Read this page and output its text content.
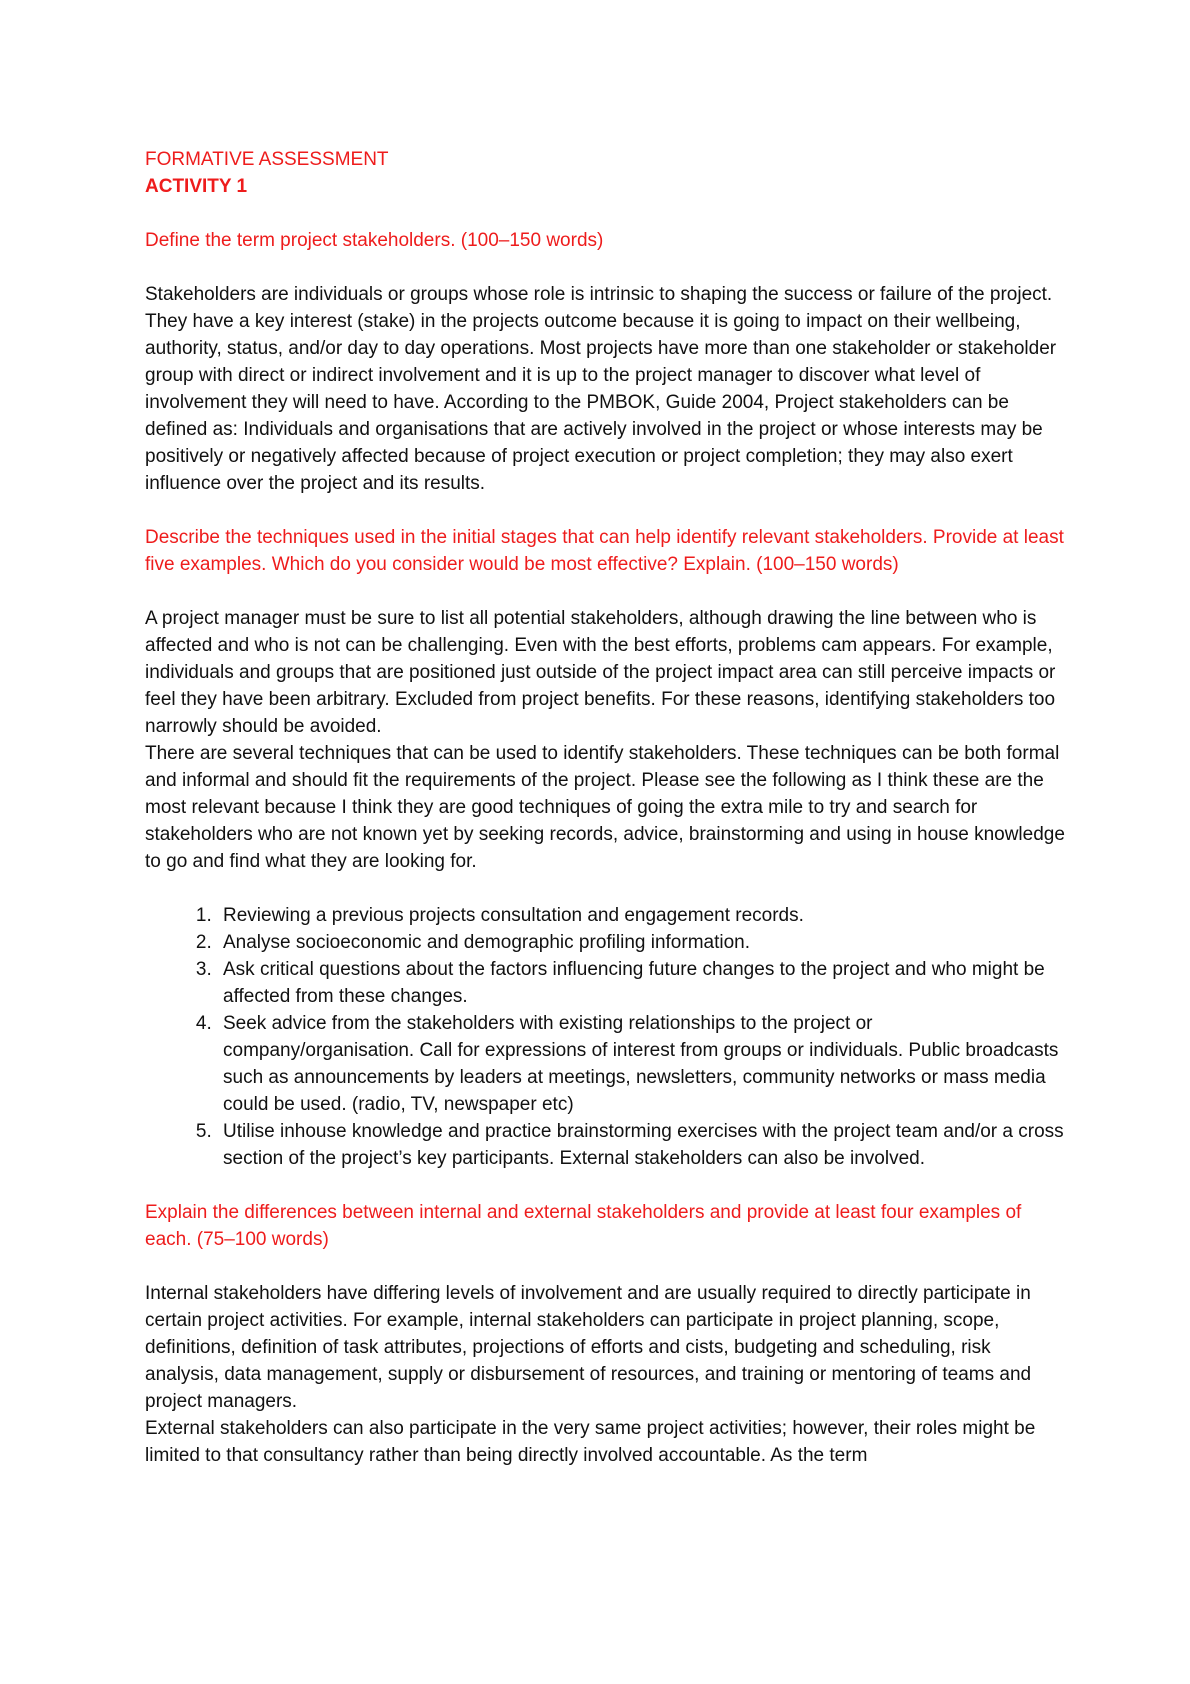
FORMATIVE ASSESSMENT

ACTIVITY 1

Define the term project stakeholders. (100–150 words)

Stakeholders are individuals or groups whose role is intrinsic to shaping the success or failure of the project. They have a key interest (stake) in the projects outcome because it is going to impact on their wellbeing, authority, status, and/or day to day operations. Most projects have more than one stakeholder or stakeholder group with direct or indirect involvement and it is up to the project manager to discover what level of involvement they will need to have. According to the PMBOK, Guide 2004, Project stakeholders can be defined as: Individuals and organisations that are actively involved in the project or whose interests may be positively or negatively affected because of project execution or project completion; they may also exert influence over the project and its results.

Describe the techniques used in the initial stages that can help identify relevant stakeholders. Provide at least five examples. Which do you consider would be most effective? Explain. (100–150 words)

A project manager must be sure to list all potential stakeholders, although drawing the line between who is affected and who is not can be challenging. Even with the best efforts, problems cam appears. For example, individuals and groups that are positioned just outside of the project impact area can still perceive impacts or feel they have been arbitrary. Excluded from project benefits. For these reasons, identifying stakeholders too narrowly should be avoided.

There are several techniques that can be used to identify stakeholders. These techniques can be both formal and informal and should fit the requirements of the project. Please see the following as I think these are the most relevant because I think they are good techniques of going the extra mile to try and search for stakeholders who are not known yet by seeking records, advice, brainstorming and using in house knowledge to go and find what they are looking for.

1. Reviewing a previous projects consultation and engagement records.
2. Analyse socioeconomic and demographic profiling information.
3. Ask critical questions about the factors influencing future changes to the project and who might be affected from these changes.
4. Seek advice from the stakeholders with existing relationships to the project or company/organisation. Call for expressions of interest from groups or individuals. Public broadcasts such as announcements by leaders at meetings, newsletters, community networks or mass media could be used. (radio, TV, newspaper etc)
5. Utilise inhouse knowledge and practice brainstorming exercises with the project team and/or a cross section of the project’s key participants. External stakeholders can also be involved.

Explain the differences between internal and external stakeholders and provide at least four examples of each. (75–100 words)

Internal stakeholders have differing levels of involvement and are usually required to directly participate in certain project activities. For example, internal stakeholders can participate in project planning, scope, definitions, definition of task attributes, projections of efforts and cists, budgeting and scheduling, risk analysis, data management, supply or disbursement of resources, and training or mentoring of teams and project managers.

External stakeholders can also participate in the very same project activities; however, their roles might be limited to that consultancy rather than being directly involved accountable. As the term
